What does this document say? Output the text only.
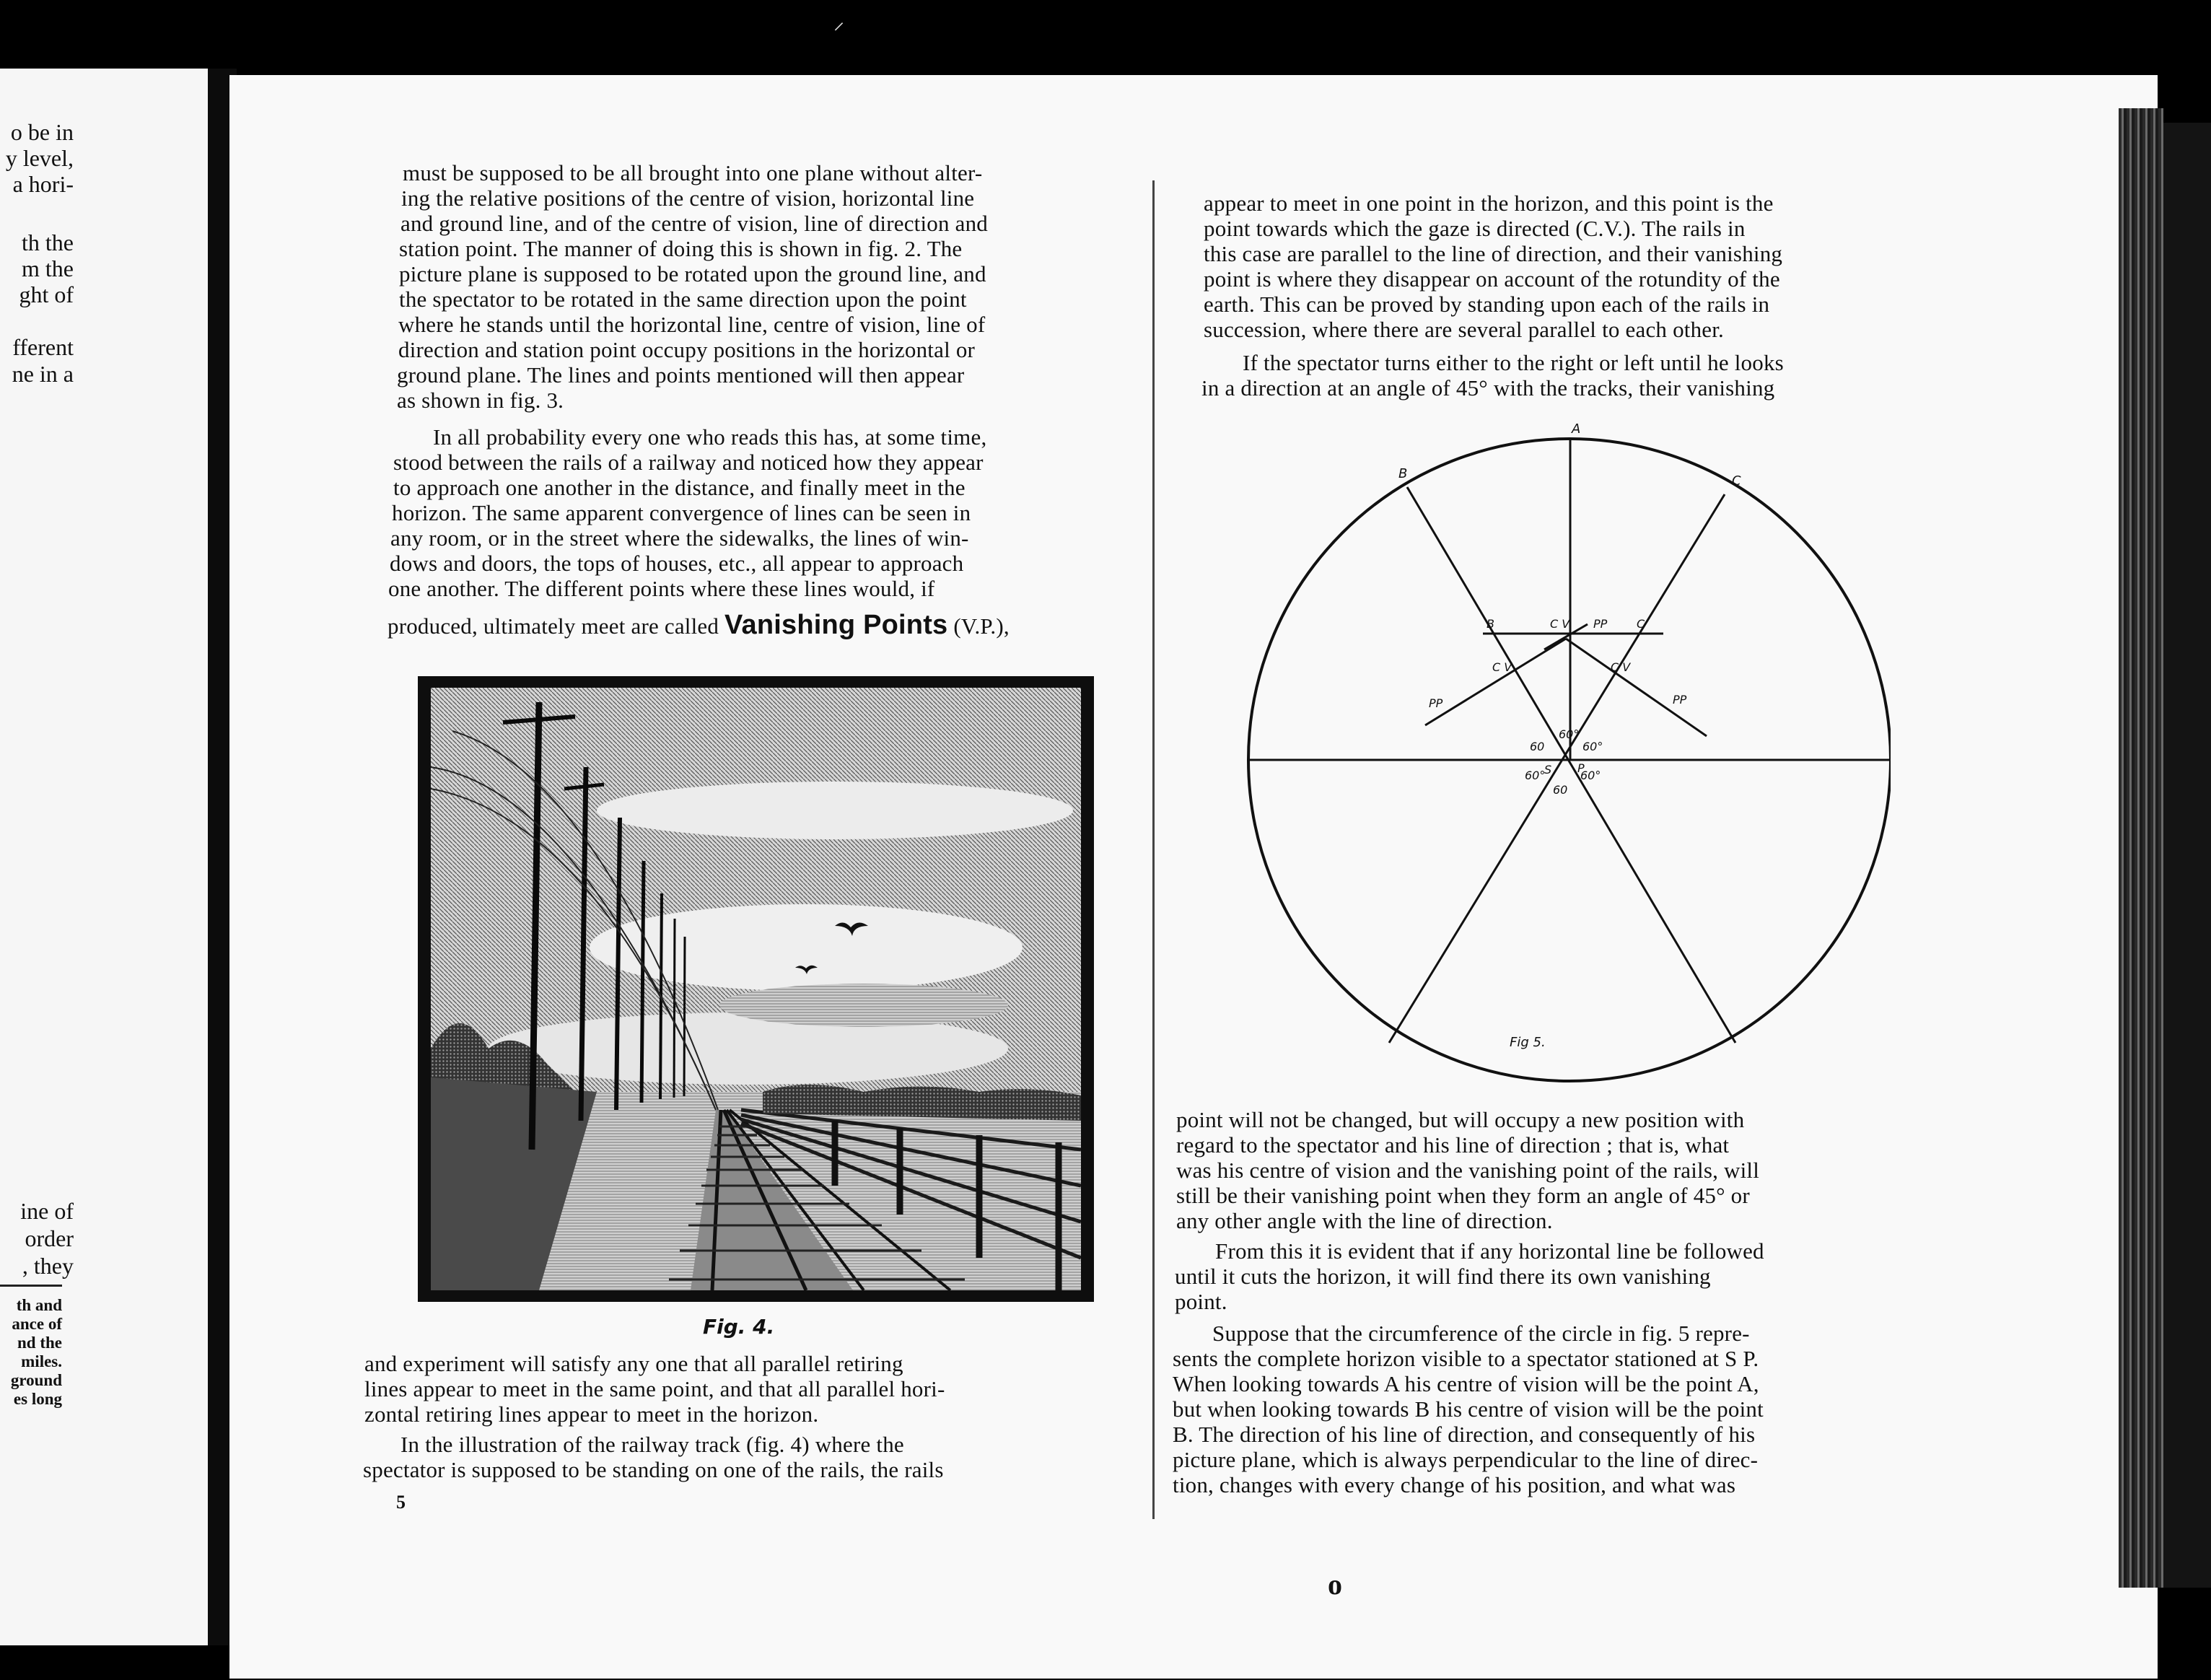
⸝
o be in
y level,
a hori-
th the
m the
ght of
fferent
ne in a
ine of
order
, they
th and
ance of
nd the
miles.
ground
es long
must be supposed to be all brought into one plane without alter-
ing the relative positions of the centre of vision, horizontal line
and ground line, and of the centre of vision, line of direction and
station point. The manner of doing this is shown in fig. 2. The
picture plane is supposed to be rotated upon the ground line, and
the spectator to be rotated in the same direction upon the point
where he stands until the horizontal line, centre of vision, line of
direction and station point occupy positions in the horizontal or
ground plane. The lines and points mentioned will then appear
as shown in fig. 3.
In all probability every one who reads this has, at some time,
stood between the rails of a railway and noticed how they appear
to approach one another in the distance, and finally meet in the
horizon. The same apparent convergence of lines can be seen in
any room, or in the street where the sidewalks, the lines of win-
dows and doors, the tops of houses, etc., all appear to approach
one another. The different points where these lines would, if
produced, ultimately meet are called Vanishing Points (V.P.),
Fig. 4.
and experiment will satisfy any one that all parallel retiring
lines appear to meet in the same point, and that all parallel hori-
zontal retiring lines appear to meet in the horizon.
In the illustration of the railway track (fig. 4) where the
spectator is supposed to be standing on one of the rails, the rails
5
appear to meet in one point in the horizon, and this point is the
point towards which the gaze is directed (C.V.). The rails in
this case are parallel to the line of direction, and their vanishing
point is where they disappear on account of the rotundity of the
earth. This can be proved by standing upon each of the rails in
succession, where there are several parallel to each other.
If the spectator turns either to the right or left until he looks
in a direction at an angle of 45° with the tracks, their vanishing
A
B	C
B	C V PP	C
PP
C V	C V
PP
60
60°
60°
60°
60
60°
S P
Fig 5.
point will not be changed, but will occupy a new position with
regard to the spectator and his line of direction ; that is, what
was his centre of vision and the vanishing point of the rails, will
still be their vanishing point when they form an angle of 45° or
any other angle with the line of direction.
From this it is evident that if any horizontal line be followed
until it cuts the horizon, it will find there its own vanishing
point.
Suppose that the circumference of the circle in fig. 5 repre-
sents the complete horizon visible to a spectator stationed at S P.
When looking towards A his centre of vision will be the point A,
but when looking towards B his centre of vision will be the point
B. The direction of his line of direction, and consequently of his
picture plane, which is always perpendicular to the line of direc-
tion, changes with every change of his position, and what was
o
